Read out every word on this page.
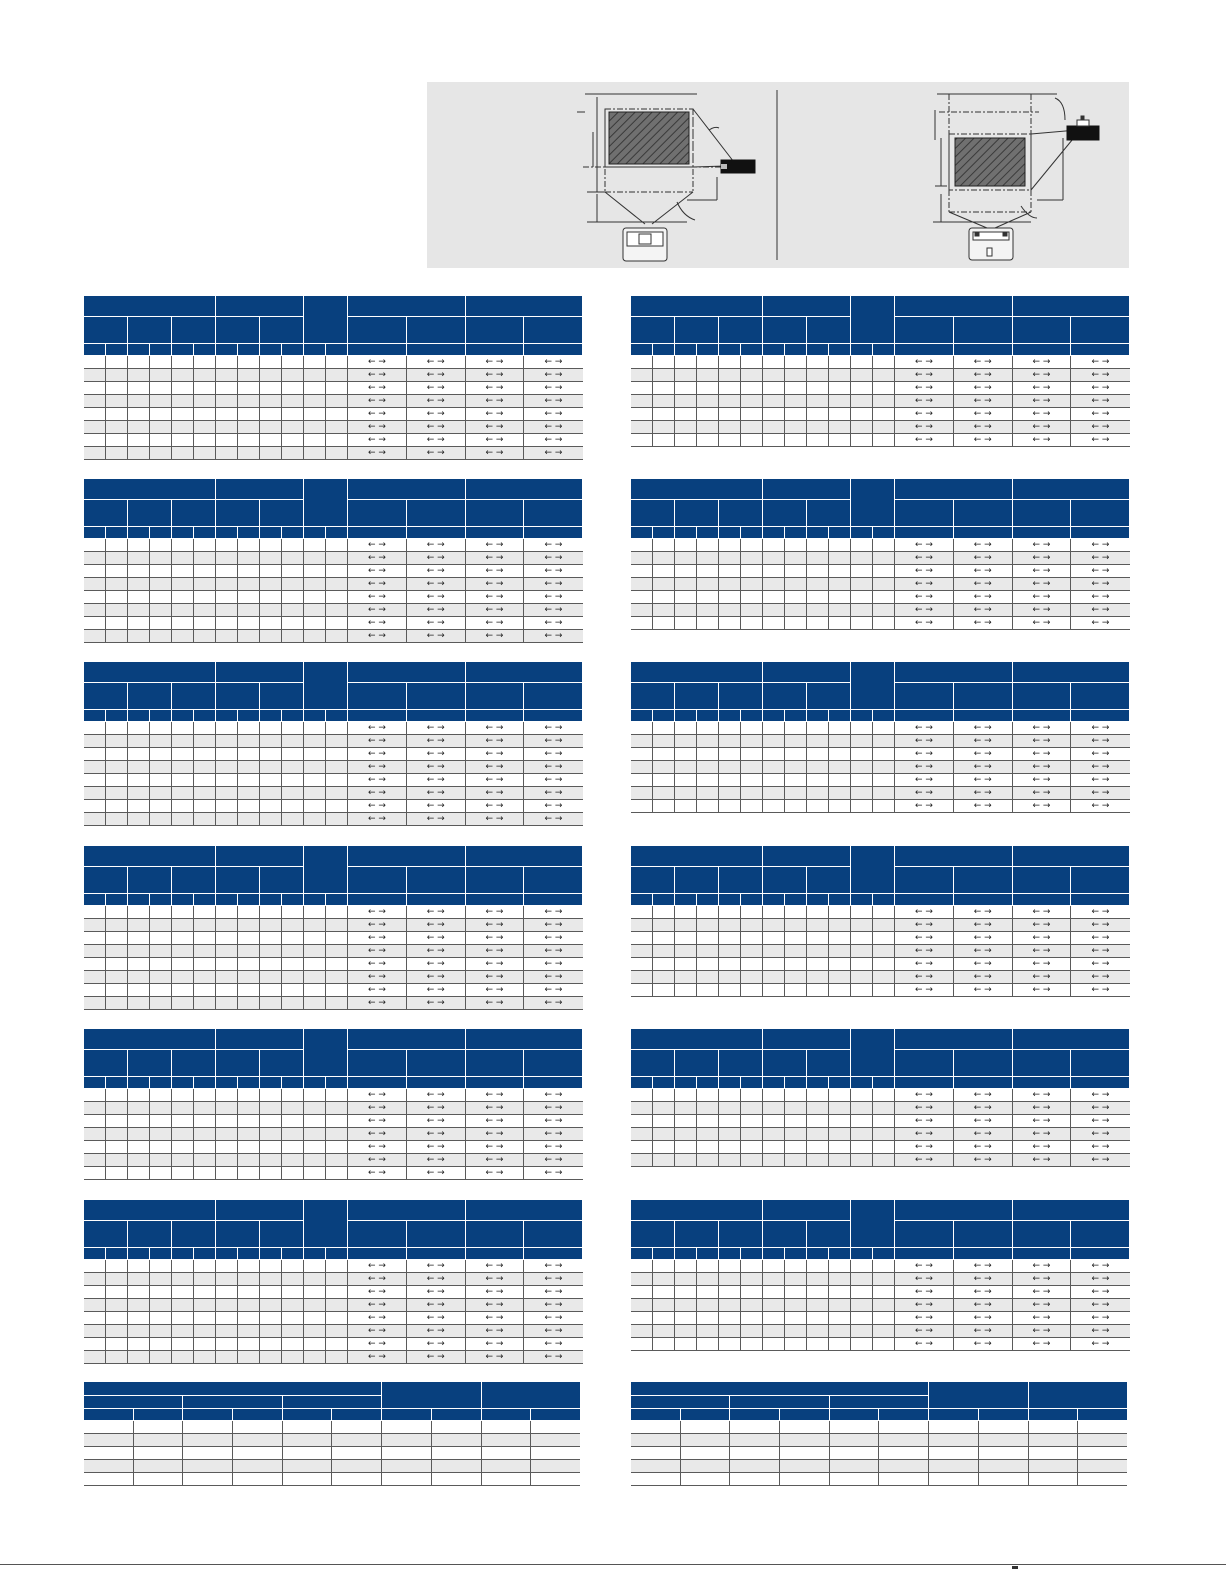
												← →	← →	← →	← →
												← →	← →	← →	← →
												← →	← →	← →	← →
												← →	← →	← →	← →
												← →	← →	← →	← →
												← →	← →	← →	← →
												← →	← →	← →	← →
												← →	← →	← →	← →

												← →	← →	← →	← →
												← →	← →	← →	← →
												← →	← →	← →	← →
												← →	← →	← →	← →
												← →	← →	← →	← →
												← →	← →	← →	← →
												← →	← →	← →	← →
												← →	← →	← →	← →

												← →	← →	← →	← →
												← →	← →	← →	← →
												← →	← →	← →	← →
												← →	← →	← →	← →
												← →	← →	← →	← →
												← →	← →	← →	← →
												← →	← →	← →	← →
												← →	← →	← →	← →

												← →	← →	← →	← →
												← →	← →	← →	← →
												← →	← →	← →	← →
												← →	← →	← →	← →
												← →	← →	← →	← →
												← →	← →	← →	← →
												← →	← →	← →	← →
												← →	← →	← →	← →

												← →	← →	← →	← →
												← →	← →	← →	← →
												← →	← →	← →	← →
												← →	← →	← →	← →
												← →	← →	← →	← →
												← →	← →	← →	← →
												← →	← →	← →	← →

												← →	← →	← →	← →
												← →	← →	← →	← →
												← →	← →	← →	← →
												← →	← →	← →	← →
												← →	← →	← →	← →
												← →	← →	← →	← →
												← →	← →	← →	← →
												← →	← →	← →	← →

												← →	← →	← →	← →
												← →	← →	← →	← →
												← →	← →	← →	← →
												← →	← →	← →	← →
												← →	← →	← →	← →
												← →	← →	← →	← →
												← →	← →	← →	← →

												← →	← →	← →	← →
												← →	← →	← →	← →
												← →	← →	← →	← →
												← →	← →	← →	← →
												← →	← →	← →	← →
												← →	← →	← →	← →
												← →	← →	← →	← →

												← →	← →	← →	← →
												← →	← →	← →	← →
												← →	← →	← →	← →
												← →	← →	← →	← →
												← →	← →	← →	← →
												← →	← →	← →	← →
												← →	← →	← →	← →

												← →	← →	← →	← →
												← →	← →	← →	← →
												← →	← →	← →	← →
												← →	← →	← →	← →
												← →	← →	← →	← →
												← →	← →	← →	← →
												← →	← →	← →	← →

												← →	← →	← →	← →
												← →	← →	← →	← →
												← →	← →	← →	← →
												← →	← →	← →	← →
												← →	← →	← →	← →
												← →	← →	← →	← →

												← →	← →	← →	← →
												← →	← →	← →	← →
												← →	← →	← →	← →
												← →	← →	← →	← →
												← →	← →	← →	← →
												← →	← →	← →	← →
												← →	← →	← →	← →
